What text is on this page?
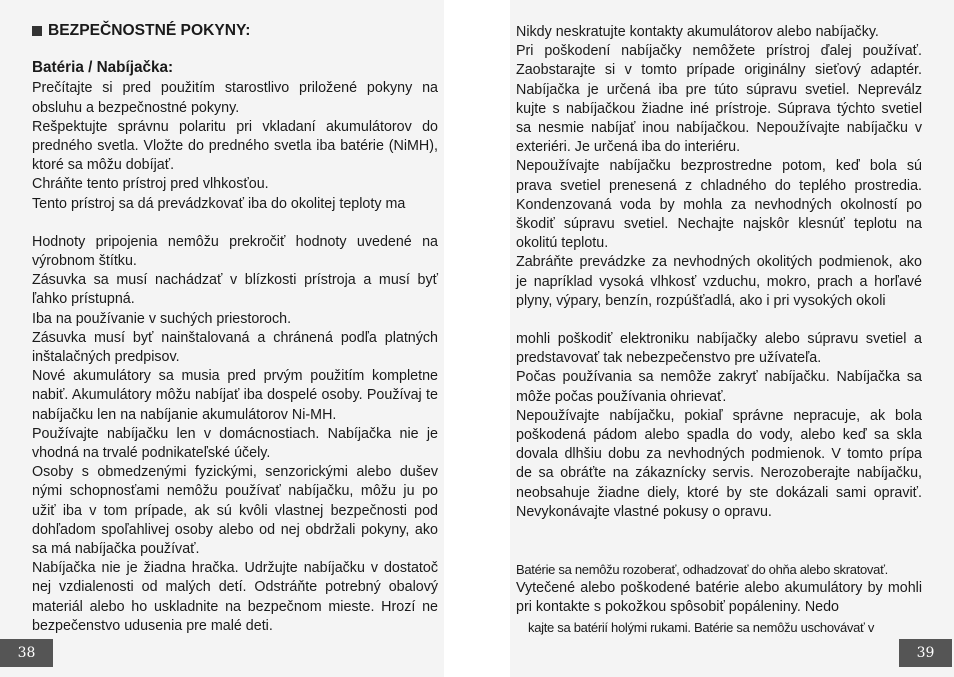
BEZPEČNOSTNÉ POKYNY:
Batéria / Nabíjačka:

Prečítajte si pred použitím starostlivo priložené pokyny na obsluhu a bezpečnostné pokyny.

Rešpektujte správnu polaritu pri vkladaní akumulátorov do predného svetla. Vložte do predného svetla iba batérie (NiMH), ktoré sa môžu dobíjať.

Chráňte tento prístroj pred vlhkosťou.

Tento prístroj sa dá prevádzkovať iba do okolitej teploty ma

Hodnoty pripojenia nemôžu prekročiť hodnoty uvedené na výrobnom štítku.

Zásuvka sa musí nachádzať v blízkosti prístroja a musí byť ľahko prístupná.

Iba na používanie v suchých priestoroch.

Zásuvka musí byť nainštalovaná a chránená podľa platných inštalačných predpisov.

Nové akumulátory sa musia pred prvým použitím kompletne nabiť. Akumulátory môžu nabíjať iba dospelé osoby. Používaj te nabíjačku len na nabíjanie akumulátorov Ni-MH.

Používajte nabíjačku len v domácnostiach. Nabíjačka nie je vhodná na trvalé podnikateľské účely.

Osoby s obmedzenými fyzickými, senzorickými alebo dušev nými schopnosťami nemôžu používať nabíjačku, môžu ju po užiť iba v tom prípade, ak sú kvôli vlastnej bezpečnosti pod dohľadom spoľahlivej osoby alebo od nej obdržali pokyny, ako sa má nabíjačka používať.

Nabíjačka nie je žiadna hračka. Udržujte nabíjačku v dostatoč nej vzdialenosti od malých detí. Odstráňte potrebný obalový materiál alebo ho uskladnite na bezpečnom mieste. Hrozí ne bezpečenstvo udusenia pre malé deti.

Nikdy neskratujte kontakty akumulátorov alebo nabíjačky.

Pri poškodení nabíjačky nemôžete prístroj ďalej používať. Zaobstarajte si v tomto prípade originálny sieťový adaptér. Nabíjačka je určená iba pre túto súpravu svetiel. Nepreválz kujte s nabíjačkou žiadne iné prístroje. Súprava týchto svetiel sa nesmie nabíjať inou nabíjačkou. Nepoužívajte nabíjačku v exteriéri. Je určená iba do interiéru.

Nepoužívajte nabíjačku bezprostredne potom, keď bola sú prava svetiel prenesená z chladného do teplého prostredia. Kondenzovaná voda by mohla za nevhodných okolností po škodiť súpravu svetiel. Nechajte najskôr klesnúť teplotu na okolitú teplotu.

Zabráňte prevádzke za nevhodných okolitých podmienok, ako je napríklad vysoká vlhkosť vzduchu, mokro, prach a horľavé plyny, výpary, benzín, rozpúšťadlá, ako i pri vysokých okoli

mohli poškodiť elektroniku nabíjačky alebo súpravu svetiel a predstavovať tak nebezpečenstvo pre užívateľa.

Počas používania sa nemôže zakryť nabíjačku. Nabíjačka sa môže počas používania ohrievať.

Nepoužívajte nabíjačku, pokiaľ správne nepracuje, ak bola poškodená pádom alebo spadla do vody, alebo keď sa skla dovala dlhšiu dobu za nevhodných podmienok. V tomto prípa de sa obráťte na zákaznícky servis. Nerozoberajte nabíjačku, neobsahuje žiadne diely, ktoré by ste dokázali sami opraviť. Nevykonávajte vlastné pokusy o opravu.

Batérie sa nemôžu rozoberať, odhadzovať do ohňa alebo skratovať.

Vytečené alebo poškodené batérie alebo akumulátory by mohli pri kontakte s pokožkou spôsobiť popáleniny. Nedo

kajte sa batérií holými rukami. Batérie sa nemôžu uschovávať v

38	39
